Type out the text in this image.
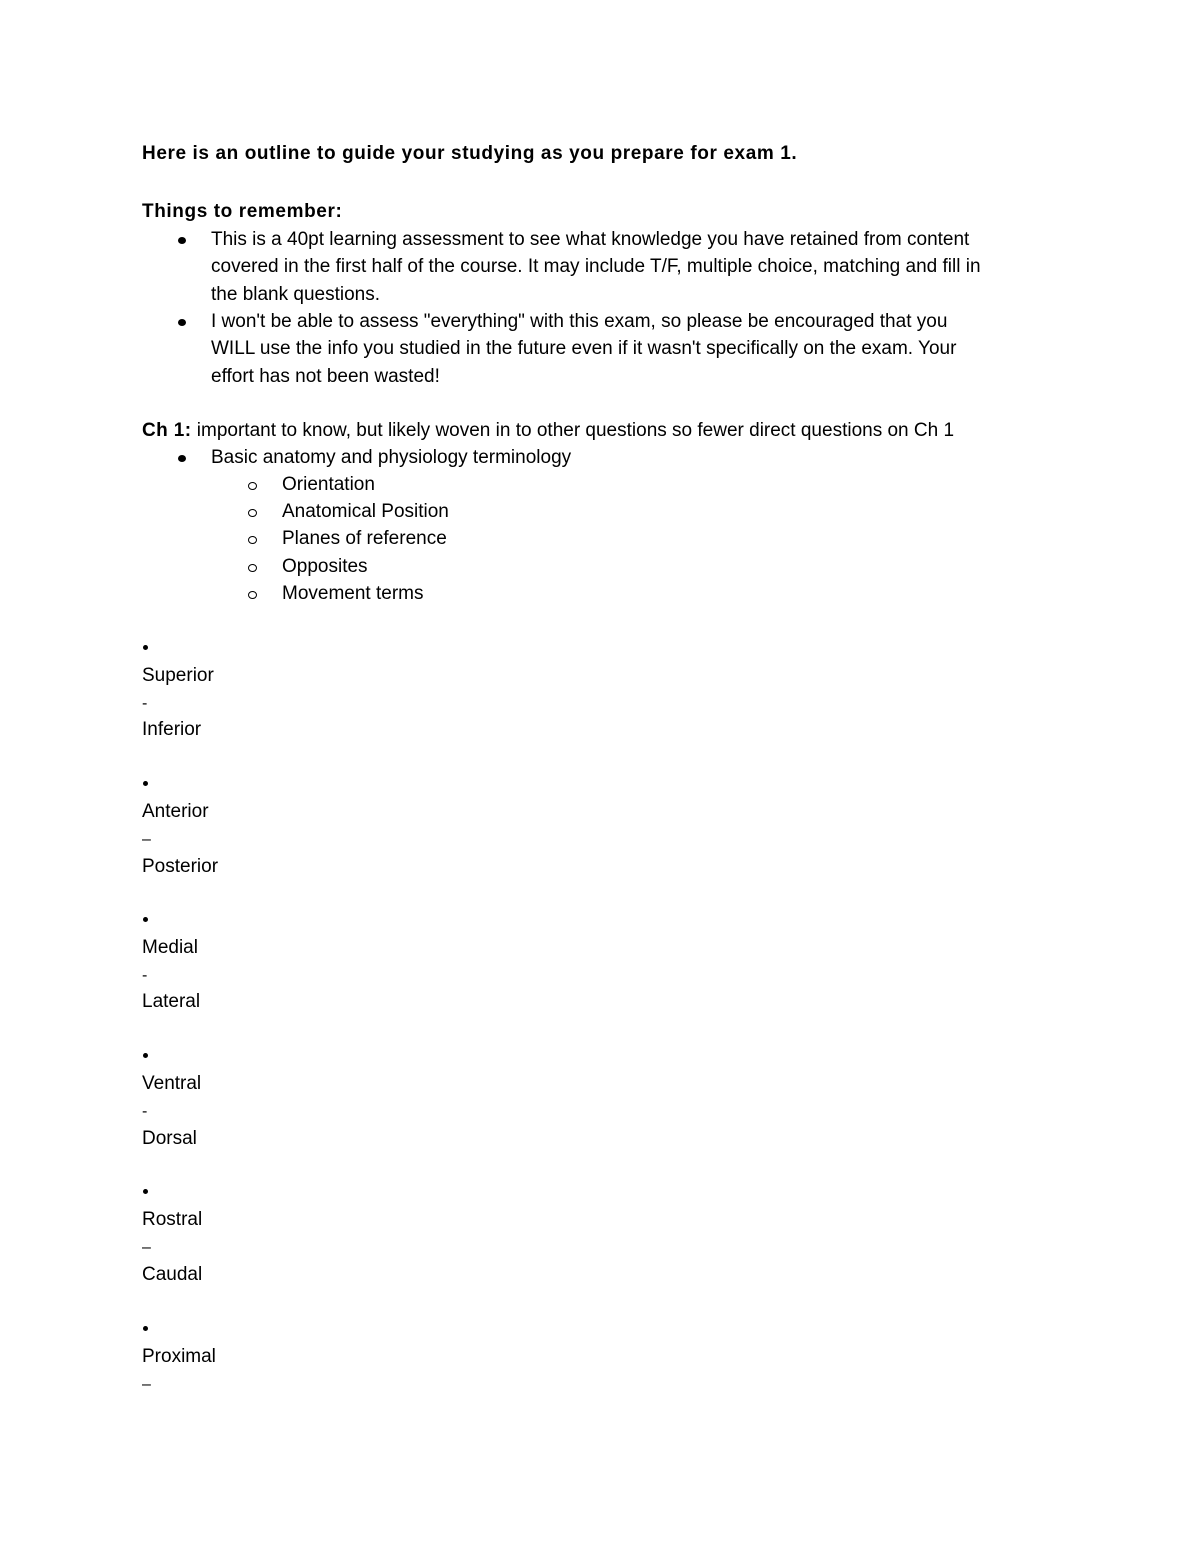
Here is an outline to guide your studying as you prepare for exam 1.
Things to remember:
This is a 40pt learning assessment to see what knowledge you have retained from content
covered in the first half of the course. It may include T/F, multiple choice, matching and fill in
the blank questions.
I won't be able to assess "everything" with this exam, so please be encouraged that you
WILL use the info you studied in the future even if it wasn't specifically on the exam. Your
effort has not been wasted!
Ch 1: important to know, but likely woven in to other questions so fewer direct questions on Ch 1
Basic anatomy and physiology terminology
Orientation
Anatomical Position
Planes of reference
Opposites
Movement terms
Superior
-
Inferior
Anterior
–
Posterior
Medial
-
Lateral
Ventral
-
Dorsal
Rostral
–
Caudal
Proximal
–
